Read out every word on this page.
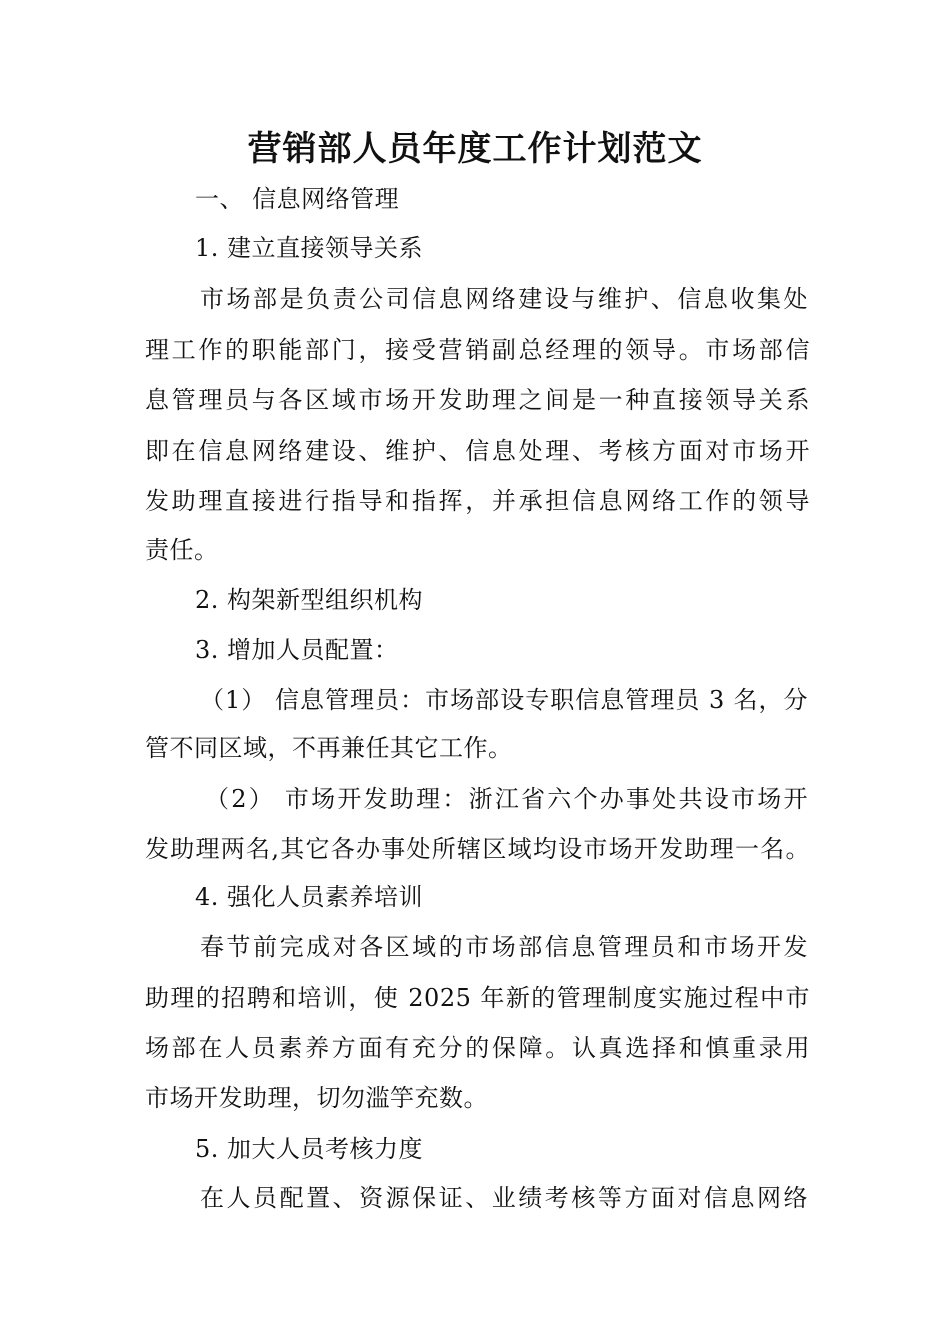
营销部人员年度工作计划范文

一、 信息网络管理

1. 建立直接领导关系

市场部是负责公司信息网络建设与维护、信息收集处

理工作的职能部门，接受营销副总经理的领导。市场部信

息管理员与各区域市场开发助理之间是一种直接领导关系

即在信息网络建设、维护、信息处理、考核方面对市场开

发助理直接进行指导和指挥，并承担信息网络工作的领导

责任。

2. 构架新型组织机构

3. 增加人员配置：

（1） 信息管理员：市场部设专职信息管理员 3 名，分

管不同区域，不再兼任其它工作。

（2） 市场开发助理：浙江省六个办事处共设市场开

发助理两名,其它各办事处所辖区域均设市场开发助理一名。

4. 强化人员素养培训

春节前完成对各区域的市场部信息管理员和市场开发

助理的招聘和培训，使 2025 年新的管理制度实施过程中市

场部在人员素养方面有充分的保障。认真选择和慎重录用

市场开发助理，切勿滥竽充数。

5. 加大人员考核力度

在人员配置、资源保证、业绩考核等方面对信息网络
